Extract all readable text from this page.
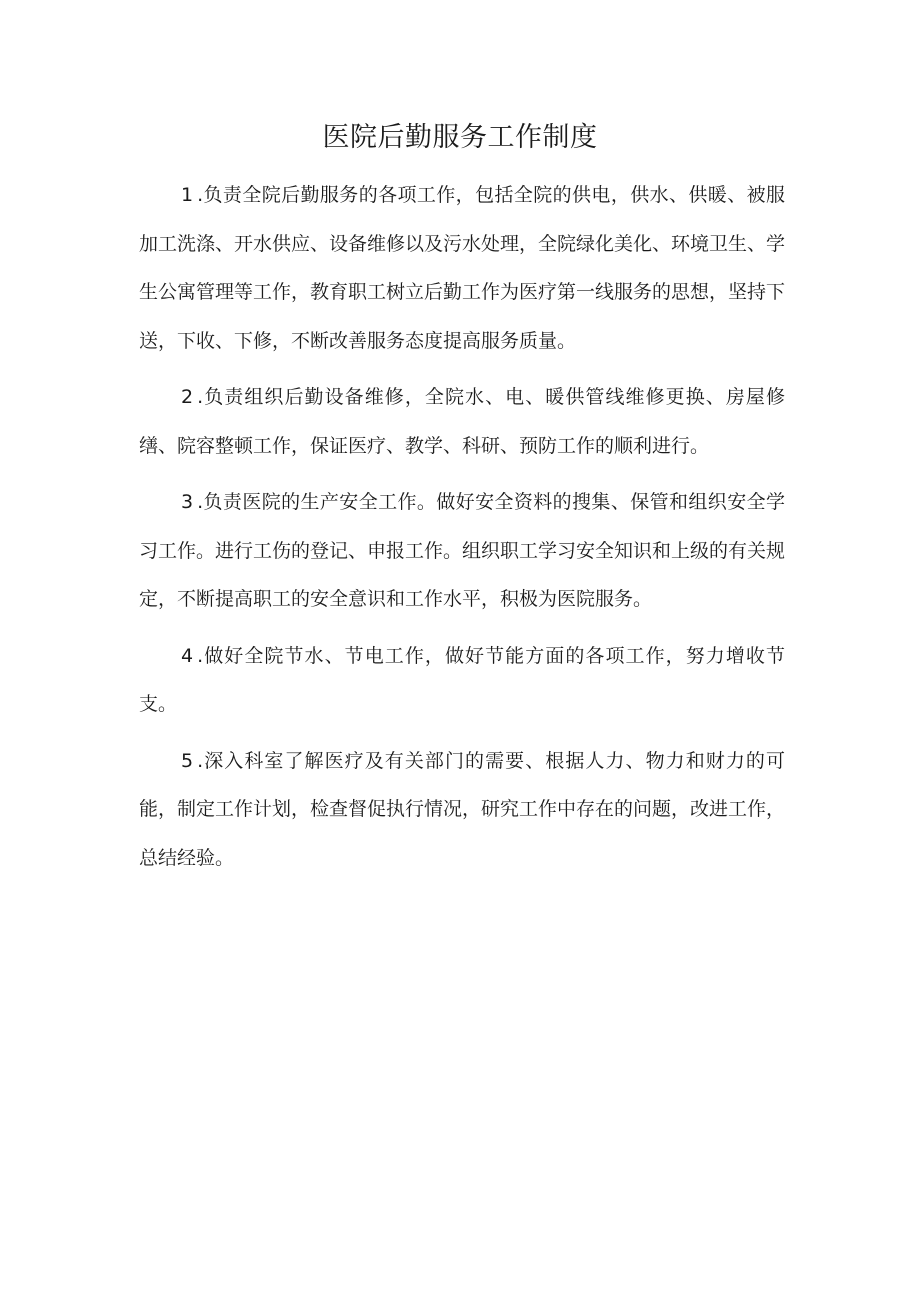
医院后勤服务工作制度

1 .负责全院后勤服务的各项工作，包括全院的供电，供水、供暖、被服加工洗涤、开水供应、设备维修以及污水处理，全院绿化美化、环境卫生、学生公寓管理等工作，教育职工树立后勤工作为医疗第一线服务的思想，坚持下送，下收、下修，不断改善服务态度提高服务质量。

2 .负责组织后勤设备维修，全院水、电、暖供管线维修更换、房屋修缮、院容整顿工作，保证医疗、教学、科研、预防工作的顺利进行。

3 .负责医院的生产安全工作。做好安全资料的搜集、保管和组织安全学习工作。进行工伤的登记、申报工作。组织职工学习安全知识和上级的有关规定，不断提高职工的安全意识和工作水平，积极为医院服务。

4 .做好全院节水、节电工作，做好节能方面的各项工作，努力增收节支。

5 .深入科室了解医疗及有关部门的需要、根据人力、物力和财力的可能，制定工作计划，检查督促执行情况，研究工作中存在的问题，改进工作，总结经验。
